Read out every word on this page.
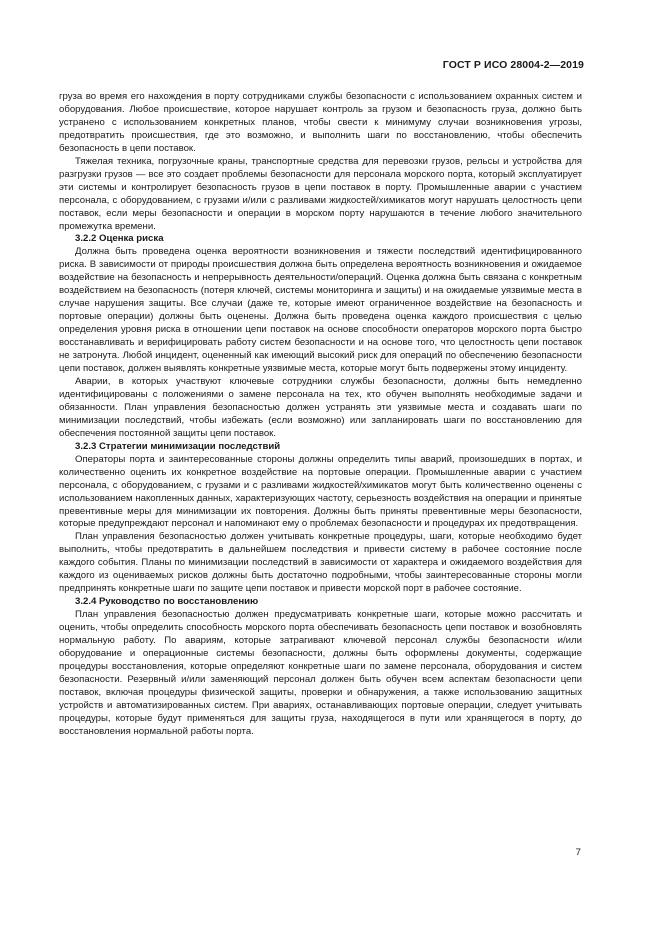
ГОСТ Р ИСО 28004-2—2019

груза во время его нахождения в порту сотрудниками службы безопасности с использованием охранных систем и оборудования. Любое происшествие, которое нарушает контроль за грузом и безопасность груза, должно быть устранено с использованием конкретных планов, чтобы свести к минимуму случаи возникновения угрозы, предотвратить происшествия, где это возможно, и выполнить шаги по восстановлению, чтобы обеспечить безопасность в цепи поставок.

Тяжелая техника, погрузочные краны, транспортные средства для перевозки грузов, рельсы и устройства для разгрузки грузов — все это создает проблемы безопасности для персонала морского порта, который эксплуатирует эти системы и контролирует безопасность грузов в цепи поставок в порту. Промышленные аварии с участием персонала, с оборудованием, с грузами и/или с разливами жидкостей/химикатов могут нарушать целостность цепи поставок, если меры безопасности и операции в морском порту нарушаются в течение любого значительного промежутка времени.

3.2.2 Оценка риска

Должна быть проведена оценка вероятности возникновения и тяжести последствий идентифицированного риска. В зависимости от природы происшествия должна быть определена вероятность возникновения и ожидаемое воздействие на безопасность и непрерывность деятельности/операций. Оценка должна быть связана с конкретным воздействием на безопасность (потеря ключей, системы мониторинга и защиты) и на ожидаемые уязвимые места в случае нарушения защиты. Все случаи (даже те, которые имеют ограниченное воздействие на безопасность и портовые операции) должны быть оценены. Должна быть проведена оценка каждого происшествия с целью определения уровня риска в отношении цепи поставок на основе способности операторов морского порта быстро восстанавливать и верифицировать работу систем безопасности и на основе того, что целостность цепи поставок не затронута. Любой инцидент, оцененный как имеющий высокий риск для операций по обеспечению безопасности цепи поставок, должен выявлять конкретные уязвимые места, которые могут быть подвержены этому инциденту.

Аварии, в которых участвуют ключевые сотрудники службы безопасности, должны быть немедленно идентифицированы с положениями о замене персонала на тех, кто обучен выполнять необходимые задачи и обязанности. План управления безопасностью должен устранять эти уязвимые места и создавать шаги по минимизации последствий, чтобы избежать (если возможно) или запланировать шаги по восстановлению для обеспечения постоянной защиты цепи поставок.

3.2.3 Стратегии минимизации последствий

Операторы порта и заинтересованные стороны должны определить типы аварий, произошедших в портах, и количественно оценить их конкретное воздействие на портовые операции. Промышленные аварии с участием персонала, с оборудованием, с грузами и с разливами жидкостей/химикатов могут быть количественно оценены с использованием накопленных данных, характеризующих частоту, серьезность воздействия на операции и принятые превентивные меры для минимизации их повторения. Должны быть приняты превентивные меры безопасности, которые предупреждают персонал и напоминают ему о проблемах безопасности и процедурах их предотвращения.

План управления безопасностью должен учитывать конкретные процедуры, шаги, которые необходимо будет выполнить, чтобы предотвратить в дальнейшем последствия и привести систему в рабочее состояние после каждого события. Планы по минимизации последствий в зависимости от характера и ожидаемого воздействия для каждого из оцениваемых рисков должны быть достаточно подробными, чтобы заинтересованные стороны могли предпринять конкретные шаги по защите цепи поставок и привести морской порт в рабочее состояние.

3.2.4 Руководство по восстановлению

План управления безопасностью должен предусматривать конкретные шаги, которые можно рассчитать и оценить, чтобы определить способность морского порта обеспечивать безопасность цепи поставок и возобновлять нормальную работу. По авариям, которые затрагивают ключевой персонал службы безопасности и/или оборудование и операционные системы безопасности, должны быть оформлены документы, содержащие процедуры восстановления, которые определяют конкретные шаги по замене персонала, оборудования и систем безопасности. Резервный и/или заменяющий персонал должен быть обучен всем аспектам безопасности цепи поставок, включая процедуры физической защиты, проверки и обнаружения, а также использованию защитных устройств и автоматизированных систем. При авариях, останавливающих портовые операции, следует учитывать процедуры, которые будут применяться для защиты груза, находящегося в пути или хранящегося в порту, до восстановления нормальной работы порта.

7
